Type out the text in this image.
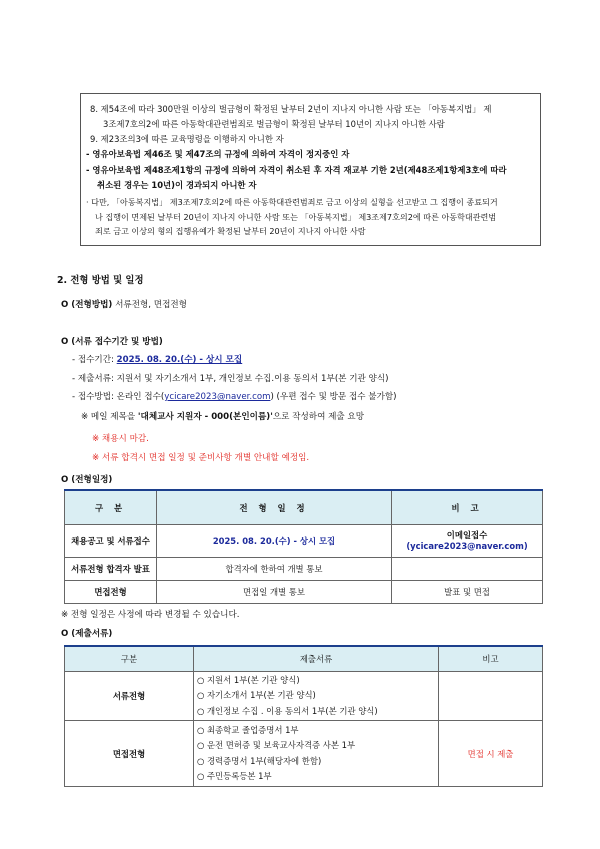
8. 제54조에 따라 300만원 이상의 벌금형이 확정된 날부터 2년이 지나지 아니한 사람 또는 「아동복지법」 제
3조제7호의2에 따른 아동학대관련범죄로 벌금형이 확정된 날부터 10년이 지나지 아니한 사람
9. 제23조의3에 따른 교육명령을 이행하지 아니한 자
- 영유아보육법 제46조 및 제47조의 규정에 의하여 자격이 정지중인 자
- 영유아보육법 제48조제1항의 규정에 의하여 자격이 취소된 후 자격 재교부 기한 2년(제48조제1항제3호에 따라
취소된 경우는 10년)이 경과되지 아니한 자
· 다만, 「아동복지법」 제3조제7호의2에 따른 아동학대관련범죄로 금고 이상의 실형을 선고받고 그 집행이 종료되거
나 집행이 면제된 날부터 20년이 지나지 아니한 사람 또는 「아동복지법」 제3조제7호의2에 따른 아동학대관련범
죄로 금고 이상의 형의 집행유예가 확정된 날부터 20년이 지나지 아니한 사람
2. 전형 방법 및 일정
O (전형방법) 서류전형, 면접전형
O (서류 접수기간 및 방법)
- 접수기간: 2025. 08. 20.(수) - 상시 모집
- 제출서류: 지원서 및 자기소개서 1부, 개인정보 수집.이용 동의서 1부(본 기관 양식)
- 접수방법: 온라인 접수(ycicare2023@naver.com) (우편 접수 및 방문 접수 불가함)
※ 메일 제목을 '대체교사 지원자 - 000(본인이름)'으로 작성하여 제출 요망
※ 채용시 마감.
※ 서류 합격시 면접 일정 및 준비사항 개별 안내할 예정임.
O (전형일정)
구 분	전 형 일 정	비 고
채용공고 및 서류접수	2025. 08. 20.(수) - 상시 모집	이메일접수
(ycicare2023@naver.com)

서류전형 합격자 발표	합격자에 한하여 개별 통보	
면접전형	면접일 개별 통보	발표 및 면접
※ 전형 일정은 사정에 따라 변경될 수 있습니다.
O (제출서류)
구분	제출서류	비고
서류전형	○ 지원서 1부(본 기관 양식)
○ 자기소개서 1부(본 기관 양식)
○ 개인정보 수집 . 이용 동의서 1부(본 기관 양식)	

면접전형	○ 최종학교 졸업증명서 1부
○ 운전 면허증 및 보육교사자격증 사본 1부
○ 경력증명서 1부(해당자에 한함)
○ 주민등록등본 1부	면접 시 제출
